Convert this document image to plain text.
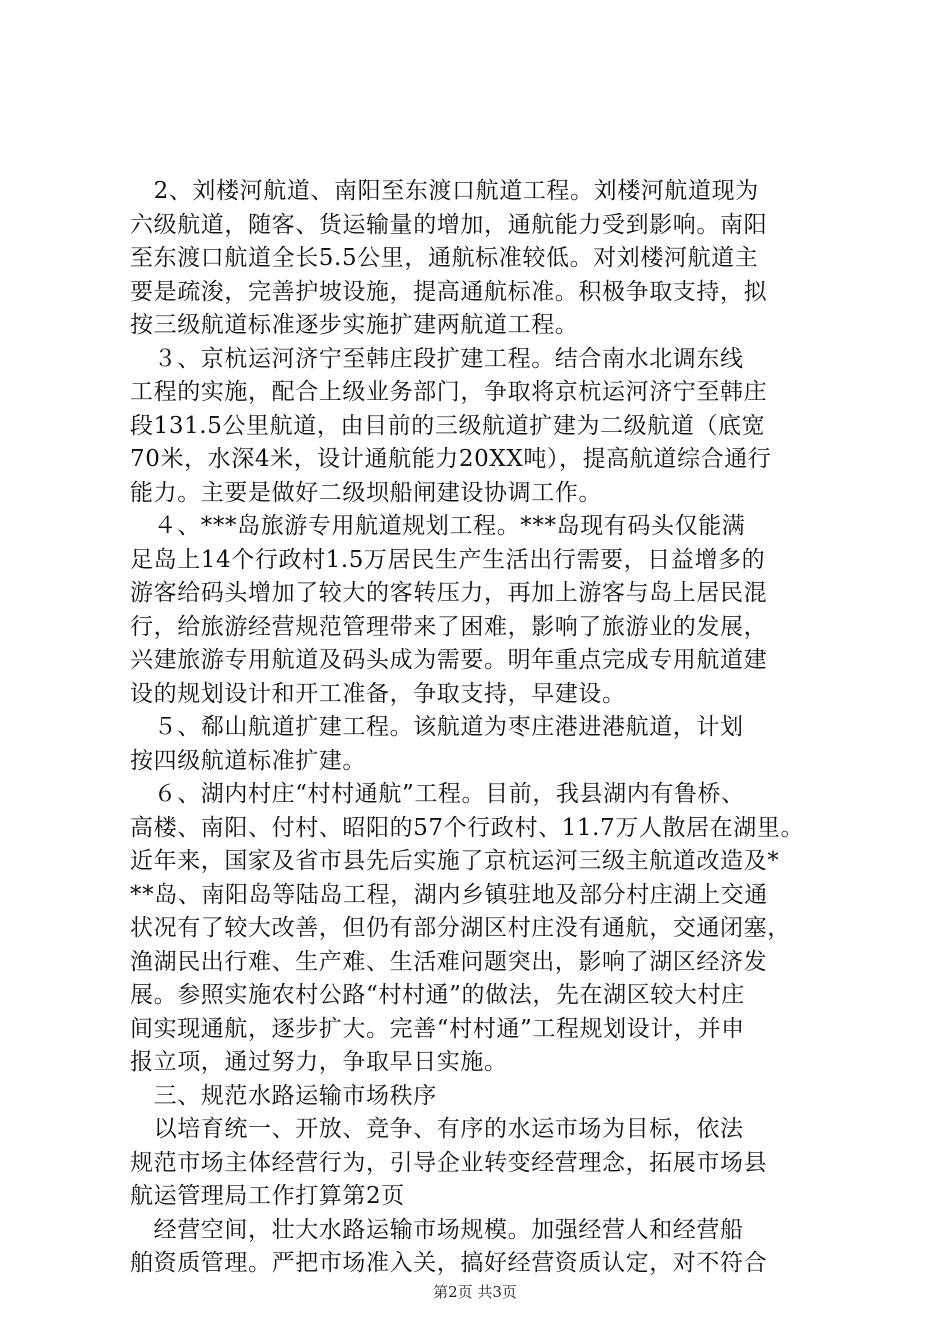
　2、刘楼河航道、南阳至东渡口航道工程。刘楼河航道现为
六级航道，随客、货运输量的增加，通航能力受到影响。南阳
至东渡口航道全长5.5公里，通航标准较低。对刘楼河航道主
要是疏浚，完善护坡设施，提高通航标准。积极争取支持，拟
按三级航道标准逐步实施扩建两航道工程。
　３、京杭运河济宁至韩庄段扩建工程。结合南水北调东线
工程的实施，配合上级业务部门，争取将京杭运河济宁至韩庄
段131.5公里航道，由目前的三级航道扩建为二级航道（底宽
70米，水深4米，设计通航能力20XX吨），提高航道综合通行
能力。主要是做好二级坝船闸建设协调工作。
　４、***岛旅游专用航道规划工程。***岛现有码头仅能满
足岛上14个行政村1.5万居民生产生活出行需要，日益增多的
游客给码头增加了较大的客转压力，再加上游客与岛上居民混
行，给旅游经营规范管理带来了困难，影响了旅游业的发展，
兴建旅游专用航道及码头成为需要。明年重点完成专用航道建
设的规划设计和开工准备，争取支持，早建设。
　５、郗山航道扩建工程。该航道为枣庄港进港航道，计划
按四级航道标准扩建。
　６、湖内村庄“村村通航”工程。目前，我县湖内有鲁桥、
高楼、南阳、付村、昭阳的57个行政村、11.7万人散居在湖里。
近年来，国家及省市县先后实施了京杭运河三级主航道改造及*
**岛、南阳岛等陆岛工程，湖内乡镇驻地及部分村庄湖上交通
状况有了较大改善，但仍有部分湖区村庄没有通航，交通闭塞，
渔湖民出行难、生产难、生活难问题突出，影响了湖区经济发
展。参照实施农村公路“村村通”的做法，先在湖区较大村庄
间实现通航，逐步扩大。完善“村村通”工程规划设计，并申
报立项，通过努力，争取早日实施。
　三、规范水路运输市场秩序
　以培育统一、开放、竞争、有序的水运市场为目标，依法
规范市场主体经营行为，引导企业转变经营理念，拓展市场县
航运管理局工作打算第2页
　经营空间，壮大水路运输市场规模。加强经营人和经营船
舶资质管理。严把市场准入关，搞好经营资质认定，对不符合
第2页 共3页
